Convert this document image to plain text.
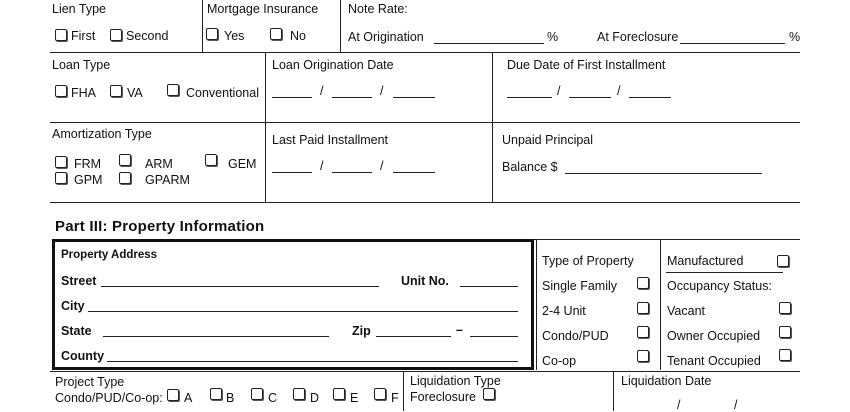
Lien Type
First Second
Mortgage Insurance
Yes	No
Note Rate:
At Origination	%	At Foreclosure	%
Loan Type
FHA VA	Conventional
Loan Origination Date
/	/
Due Date of First Installment
/	/
Amortization Type
FRM	ARM	GEM
GPM	GPARM
Last Paid Installment
/	/
Unpaid Principal
Balance $
Part III: Property Information
Property Address
Street	Unit No.
City
State	Zip	–
County
Type of Property
Single Family
2-4 Unit
Condo/PUD
Co-op
Manufactured
Occupancy Status:
Vacant
Owner Occupied
Tenant Occupied
Project Type
Condo/PUD/Co-op: A	B	C	D E	F
Liquidation Type
Foreclosure
Liquidation Date
/	/
